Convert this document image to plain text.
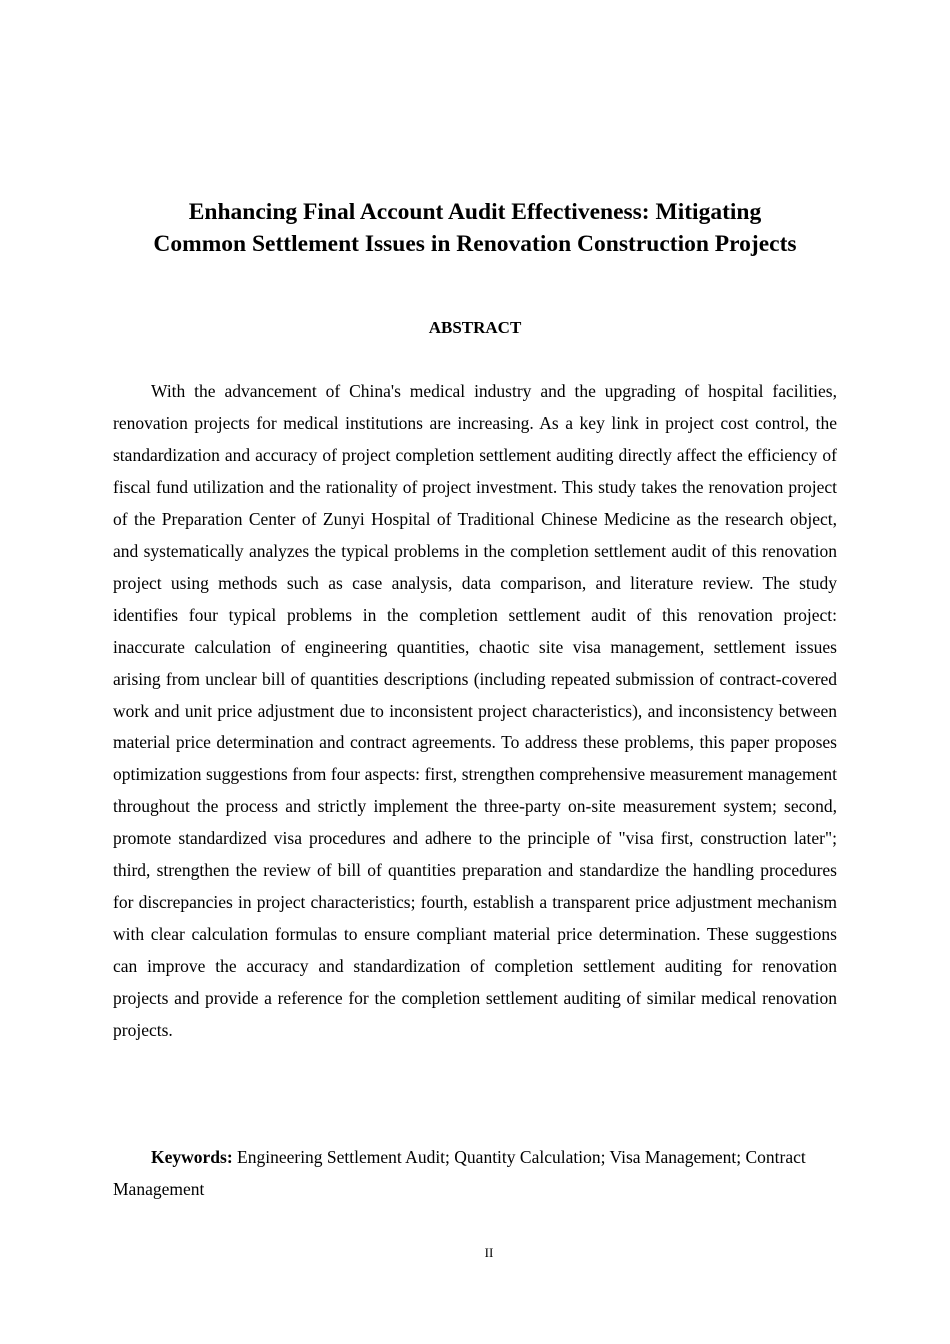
Enhancing Final Account Audit Effectiveness: Mitigating
Common Settlement Issues in Renovation Construction Projects
ABSTRACT

With the advancement of China's medical industry and the upgrading of hospital facilities, renovation projects for medical institutions are increasing. As a key link in project cost control, the standardization and accuracy of project completion settlement auditing directly affect the efficiency of fiscal fund utilization and the rationality of project investment. This study takes the renovation project of the Preparation Center of Zunyi Hospital of Traditional Chinese Medicine as the research object, and systematically analyzes the typical problems in the completion settlement audit of this renovation project using methods such as case analysis, data comparison, and literature review. The study identifies four typical problems in the completion settlement audit of this renovation project: inaccurate calculation of engineering quantities, chaotic site visa management, settlement issues arising from unclear bill of quantities descriptions (including repeated submission of contract-covered work and unit price adjustment due to inconsistent project characteristics), and inconsistency between material price determination and contract agreements. To address these problems, this paper proposes optimization suggestions from four aspects: first, strengthen comprehensive measurement management throughout the process and strictly implement the three-party on-site measurement system; second, promote standardized visa procedures and adhere to the principle of "visa first, construction later"; third, strengthen the review of bill of quantities preparation and standardize the handling procedures for discrepancies in project characteristics; fourth, establish a transparent price adjustment mechanism with clear calculation formulas to ensure compliant material price determination. These suggestions can improve the accuracy and standardization of completion settlement auditing for renovation projects and provide a reference for the completion settlement auditing of similar medical renovation projects.

Keywords: Engineering Settlement Audit; Quantity Calculation; Visa Management; Contract Management

II
